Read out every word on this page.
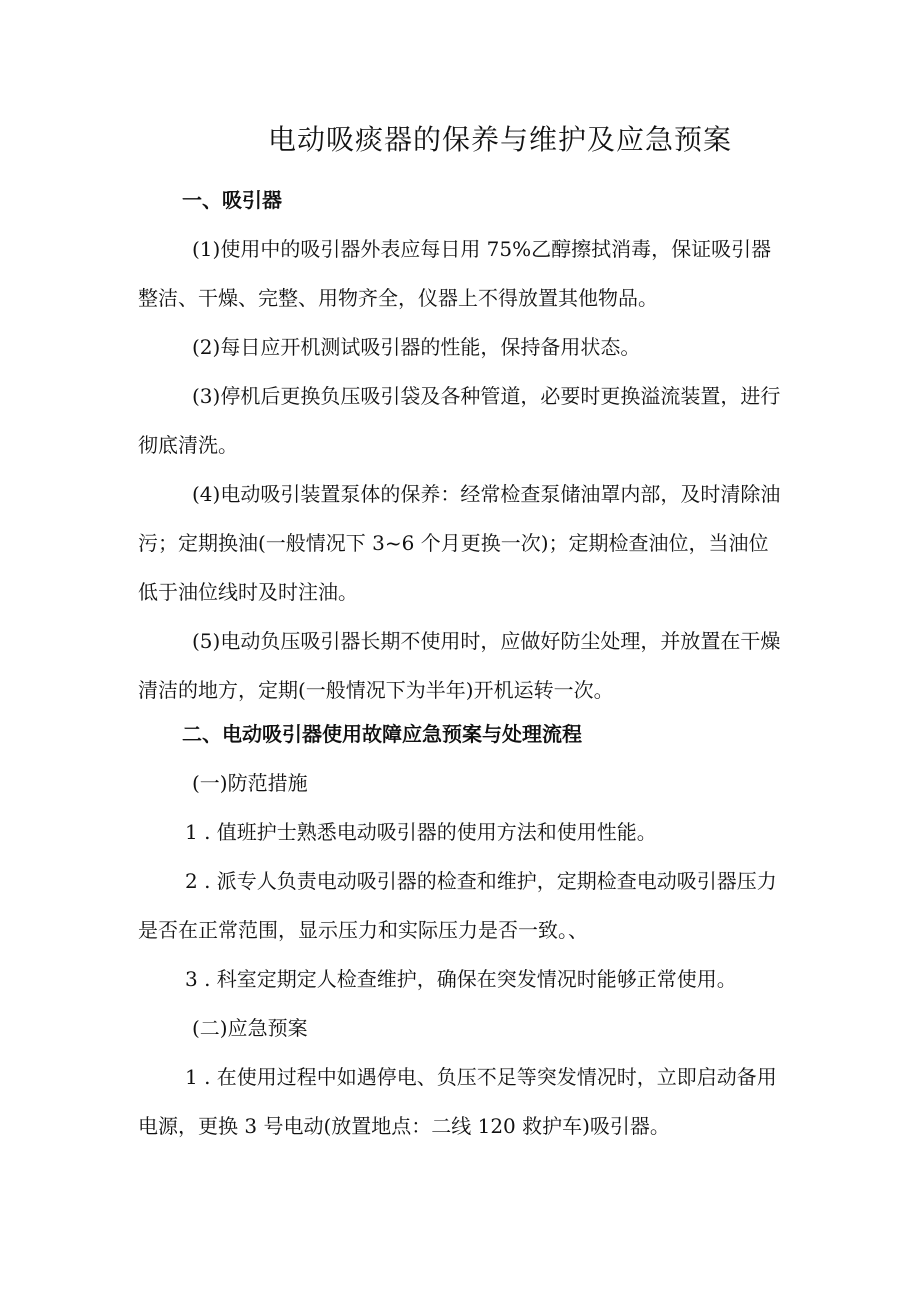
电动吸痰器的保养与维护及应急预案
一、吸引器
(1)使用中的吸引器外表应每日用 75%乙醇擦拭消毒，保证吸引器整洁、干燥、完整、用物齐全，仪器上不得放置其他物品。
(2)每日应开机测试吸引器的性能，保持备用状态。
(3)停机后更换负压吸引袋及各种管道，必要时更换溢流装置，进行彻底清洗。
(4)电动吸引装置泵体的保养：经常检查泵储油罩内部，及时清除油污；定期换油(一般情况下 3~6 个月更换一次)；定期检查油位，当油位低于油位线时及时注油。
(5)电动负压吸引器长期不使用时，应做好防尘处理，并放置在干燥清洁的地方，定期(一般情况下为半年)开机运转一次。
二、电动吸引器使用故障应急预案与处理流程
(一)防范措施
1 . 值班护士熟悉电动吸引器的使用方法和使用性能。
2 . 派专人负责电动吸引器的检查和维护，定期检查电动吸引器压力是否在正常范围，显示压力和实际压力是否一致。、
3 . 科室定期定人检查维护，确保在突发情况时能够正常使用。
(二)应急预案
1 . 在使用过程中如遇停电、负压不足等突发情况时，立即启动备用电源，更换 3 号电动(放置地点：二线 120 救护车)吸引器。
